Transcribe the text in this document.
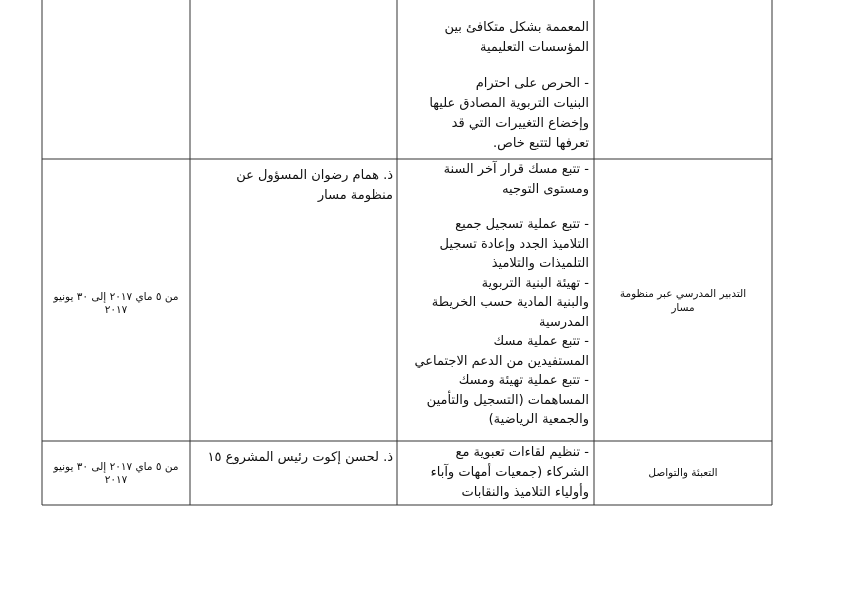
المعممة بشكل متكافئ بين
المؤسسات التعليمية
- الحرص على احترام
البنيات التربوية المصادق عليها
وإخضاع التغييرات التي قد
تعرفها لتتبع خاص.
التدبير المدرسي عبر منظومة
مسار
- تتبع مسك قرار آخر السنة
ومستوى التوجيه
- تتبع عملية تسجيل جميع
التلاميذ الجدد وإعادة تسجيل
التلميذات والتلاميذ
- تهيئة البنية التربوية
والبنية المادية حسب الخريطة
المدرسية
- تتبع عملية مسك
المستفيدين من الدعم الاجتماعي
- تتبع عملية تهيئة ومسك
المساهمات (التسجيل والتأمين
والجمعية الرياضية)
ذ. همام رضوان المسؤول عن
منظومة مسار
من ٥ ماي ٢٠١٧ إلى ٣٠ يونيو
٢٠١٧
التعبئة والتواصل
- تنظيم لقاءات تعبوية مع
الشركاء (جمعيات أمهات وآباء
وأولياء التلاميذ والنقابات
ذ. لحسن إكوت رئيس المشروع ١٥
من ٥ ماي ٢٠١٧ إلى ٣٠ يونيو
٢٠١٧
